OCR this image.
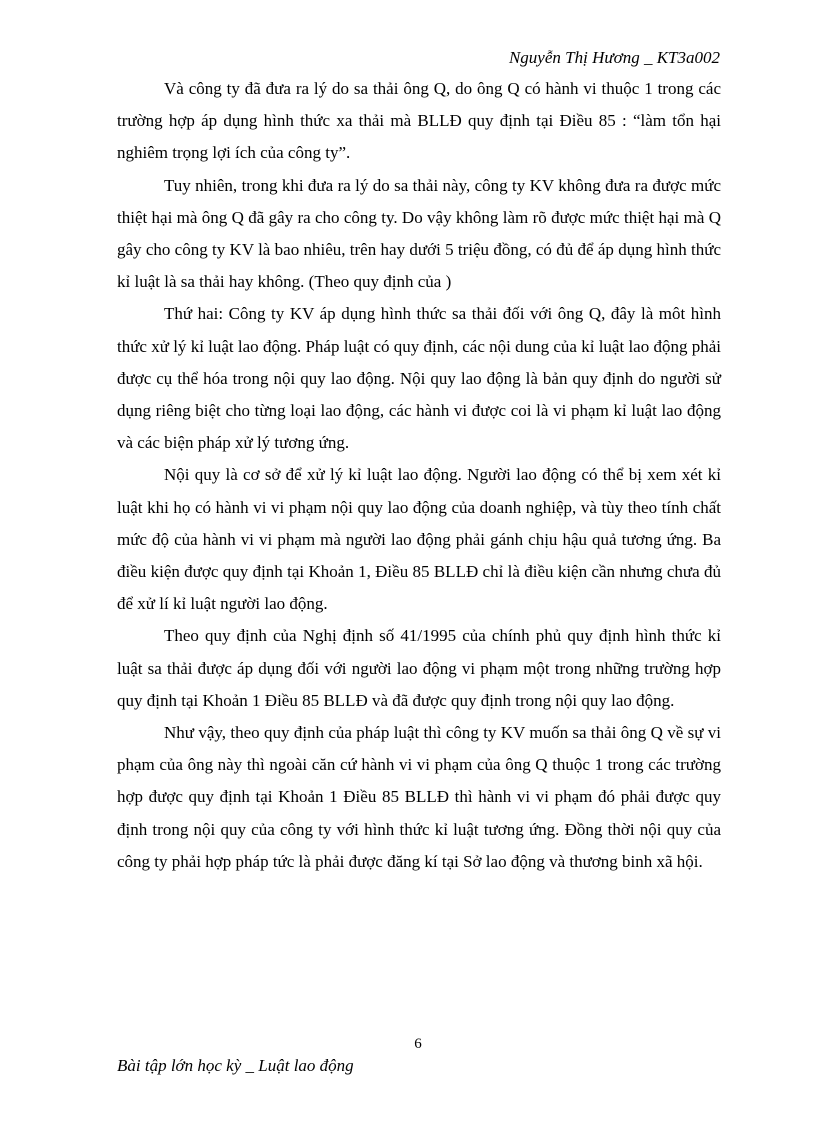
Nguyễn Thị Hương _ KT3a002

Và công ty đã đưa ra lý do sa thải ông Q, do ông Q có hành vi thuộc 1 trong các trường hợp áp dụng hình thức xa thải mà BLLĐ quy định tại Điều 85 : “làm tổn hại nghiêm trọng lợi ích của công ty”.

Tuy nhiên, trong khi đưa ra lý do sa thải này, công ty KV không đưa ra được mức thiệt hại mà ông Q đã gây ra cho công ty. Do vậy không làm rõ được mức thiệt hại mà Q gây cho công ty KV là bao nhiêu, trên hay dưới 5 triệu đồng, có đủ để áp dụng hình thức kỉ luật là sa thải hay không. (Theo quy định của )

Thứ hai: Công ty KV áp dụng hình thức sa thải đối với ông Q, đây là môt hình thức xử lý kỉ luật lao động. Pháp luật có quy định, các nội dung của kỉ luật lao động phải được cụ thể hóa trong nội quy lao động. Nội quy lao động là bản quy định do người sử dụng riêng biệt cho từng loại lao động, các hành vi được coi là vi phạm kỉ luật lao động và các biện pháp xử lý tương ứng.

Nội quy là cơ sở để xử lý kỉ luật lao động. Người lao động có thể bị xem xét kỉ luật khi họ có hành vi vi phạm nội quy lao động của doanh nghiệp, và tùy theo tính chất mức độ của hành vi vi phạm mà người lao động phải gánh chịu hậu quả tương ứng. Ba điều kiện được quy định tại Khoản 1, Điều 85 BLLĐ chỉ là điều kiện cần nhưng chưa đủ để xử lí kỉ luật người lao động.

Theo quy định của Nghị định số 41/1995 của chính phủ quy định hình thức kỉ luật sa thải được áp dụng đối với người lao động vi phạm một trong những trường hợp quy định tại Khoản 1 Điều 85 BLLĐ và đã được quy định trong nội quy lao động.

Như vậy, theo quy định của pháp luật thì công ty KV muốn sa thải ông Q về sự vi phạm của ông này thì ngoài căn cứ hành vi vi phạm của ông Q thuộc 1 trong các trường hợp được quy định tại Khoản 1 Điều 85 BLLĐ thì hành vi vi phạm đó phải được quy định trong nội quy của công ty với hình thức kỉ luật tương ứng. Đồng thời nội quy của công ty phải hợp pháp tức là phải được đăng kí tại Sở lao động và thương binh xã hội.

6
Bài tập lớn học kỳ _ Luật lao động
